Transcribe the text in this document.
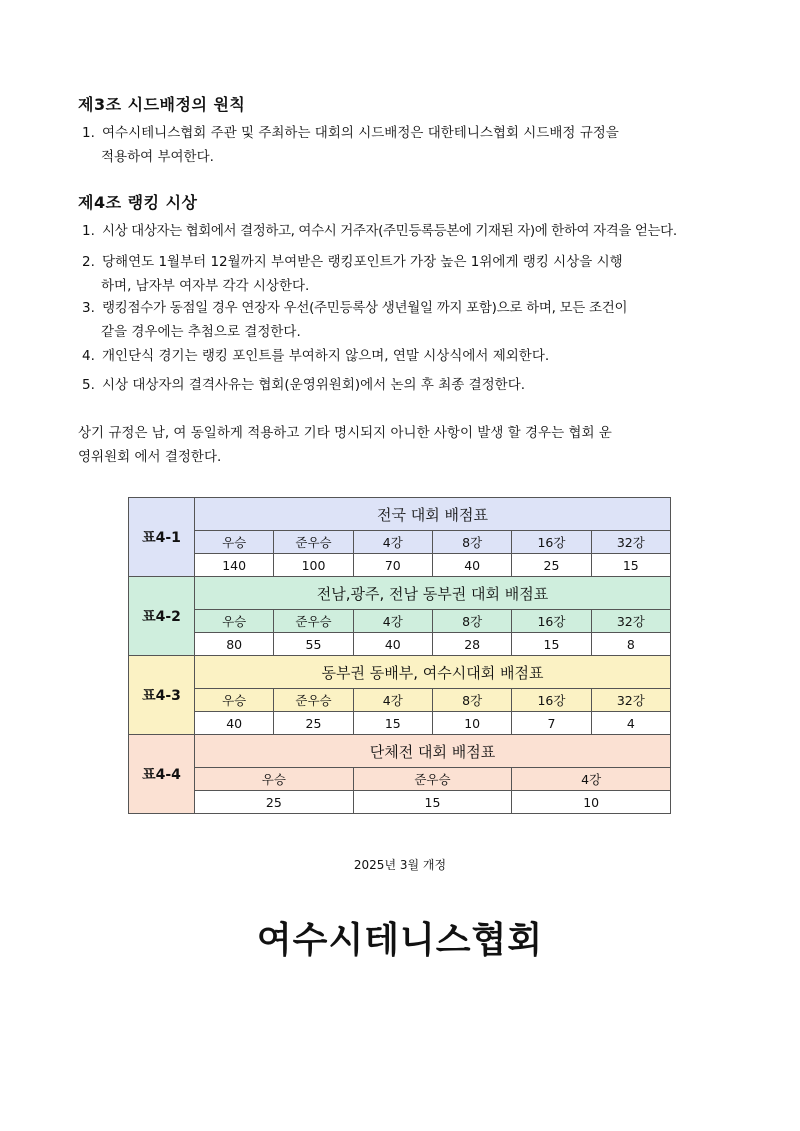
제3조 시드배정의 원칙
1. 여수시테니스협회 주관 및 주최하는 대회의 시드배정은 대한테니스협회 시드배정 규정을
적용하여 부여한다.
제4조 랭킹 시상
1. 시상 대상자는 협회에서 결정하고, 여수시 거주자(주민등록등본에 기재된 자)에 한하여 자격을 얻는다.
2. 당해연도 1월부터 12월까지 부여받은 랭킹포인트가 가장 높은 1위에게 랭킹 시상을 시행
하며, 남자부 여자부 각각 시상한다.
3. 랭킹점수가 동점일 경우 연장자 우선(주민등록상 생년월일 까지 포함)으로 하며, 모든 조건이
같을 경우에는 추첨으로 결정한다.
4. 개인단식 경기는 랭킹 포인트를 부여하지 않으며, 연말 시상식에서 제외한다.
5. 시상 대상자의 결격사유는 협회(운영위원회)에서 논의 후 최종 결정한다.
상기 규정은 남, 여 동일하게 적용하고 기타 명시되지 아니한 사항이 발생 할 경우는 협회 운
영위원회 에서 결정한다.
표4-1	전국 대회 배점표					
	우승	준우승	4강	8강	16강	32강
	140	100	70	40	25	15
표4-2	전남,광주, 전남 동부권 대회 배점표					
	우승	준우승	4강	8강	16강	32강
	80	55	40	28	15	8
표4-3	동부권 동배부, 여수시대회 배점표					
	우승	준우승	4강	8강	16강	32강
	40	25	15	10	7	4
표4-4	단체전 대회 배점표					
	우승		준우승		4강	
	25		15		10	
2025년 3월 개정
여수시테니스협회
